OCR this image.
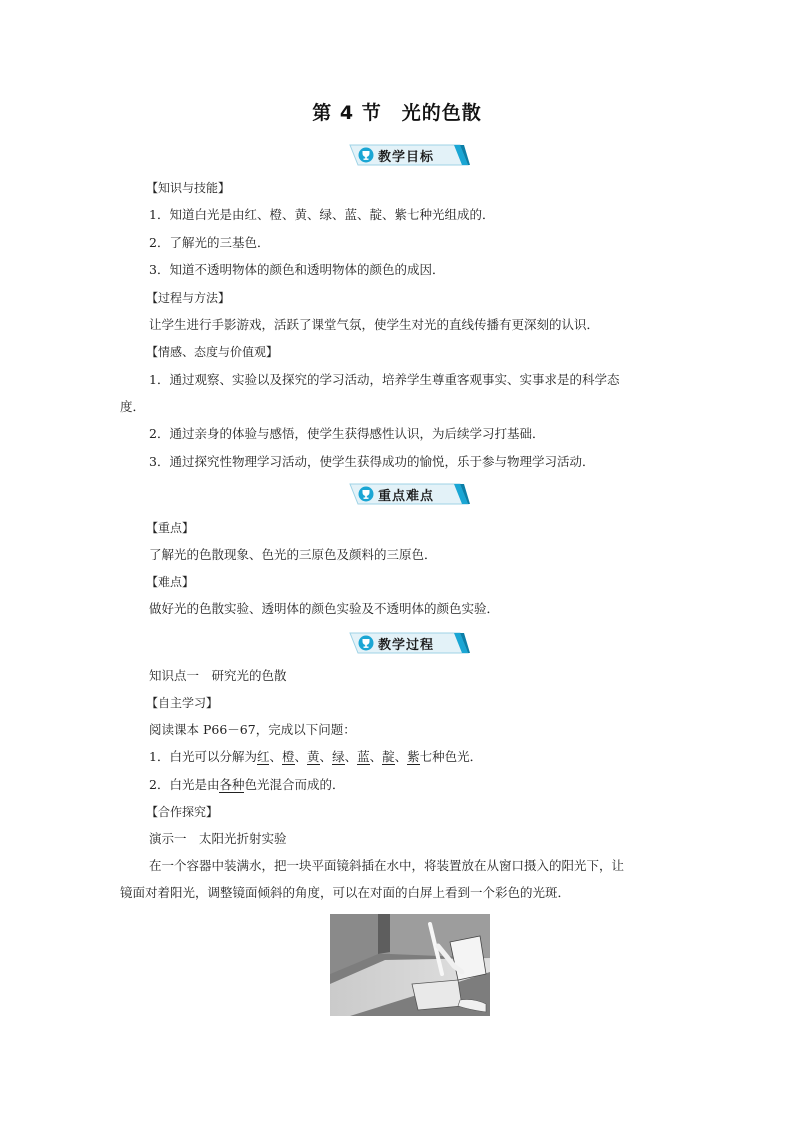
第 4 节　光的色散
教学目标
【知识与技能】
1．知道白光是由红、橙、黄、绿、蓝、靛、紫七种光组成的．
2．了解光的三基色．
3．知道不透明物体的颜色和透明物体的颜色的成因．
【过程与方法】
让学生进行手影游戏，活跃了课堂气氛，使学生对光的直线传播有更深刻的认识．
【情感、态度与价值观】
1．通过观察、实验以及探究的学习活动，培养学生尊重客观事实、实事求是的科学态
度．
2．通过亲身的体验与感悟，使学生获得感性认识，为后续学习打基础．
3．通过探究性物理学习活动，使学生获得成功的愉悦，乐于参与物理学习活动．
重点难点
【重点】
了解光的色散现象、色光的三原色及颜料的三原色．
【难点】
做好光的色散实验、透明体的颜色实验及不透明体的颜色实验．
教学过程
知识点一　研究光的色散
【自主学习】
阅读课本 P66－67，完成以下问题：
1．白光可以分解为红、橙、黄、绿、蓝、靛、紫七种色光．
2．白光是由各种色光混合而成的．
【合作探究】
演示一　太阳光折射实验
在一个容器中装满水，把一块平面镜斜插在水中，将装置放在从窗口摄入的阳光下，让
镜面对着阳光，调整镜面倾斜的角度，可以在对面的白屏上看到一个彩色的光斑．
